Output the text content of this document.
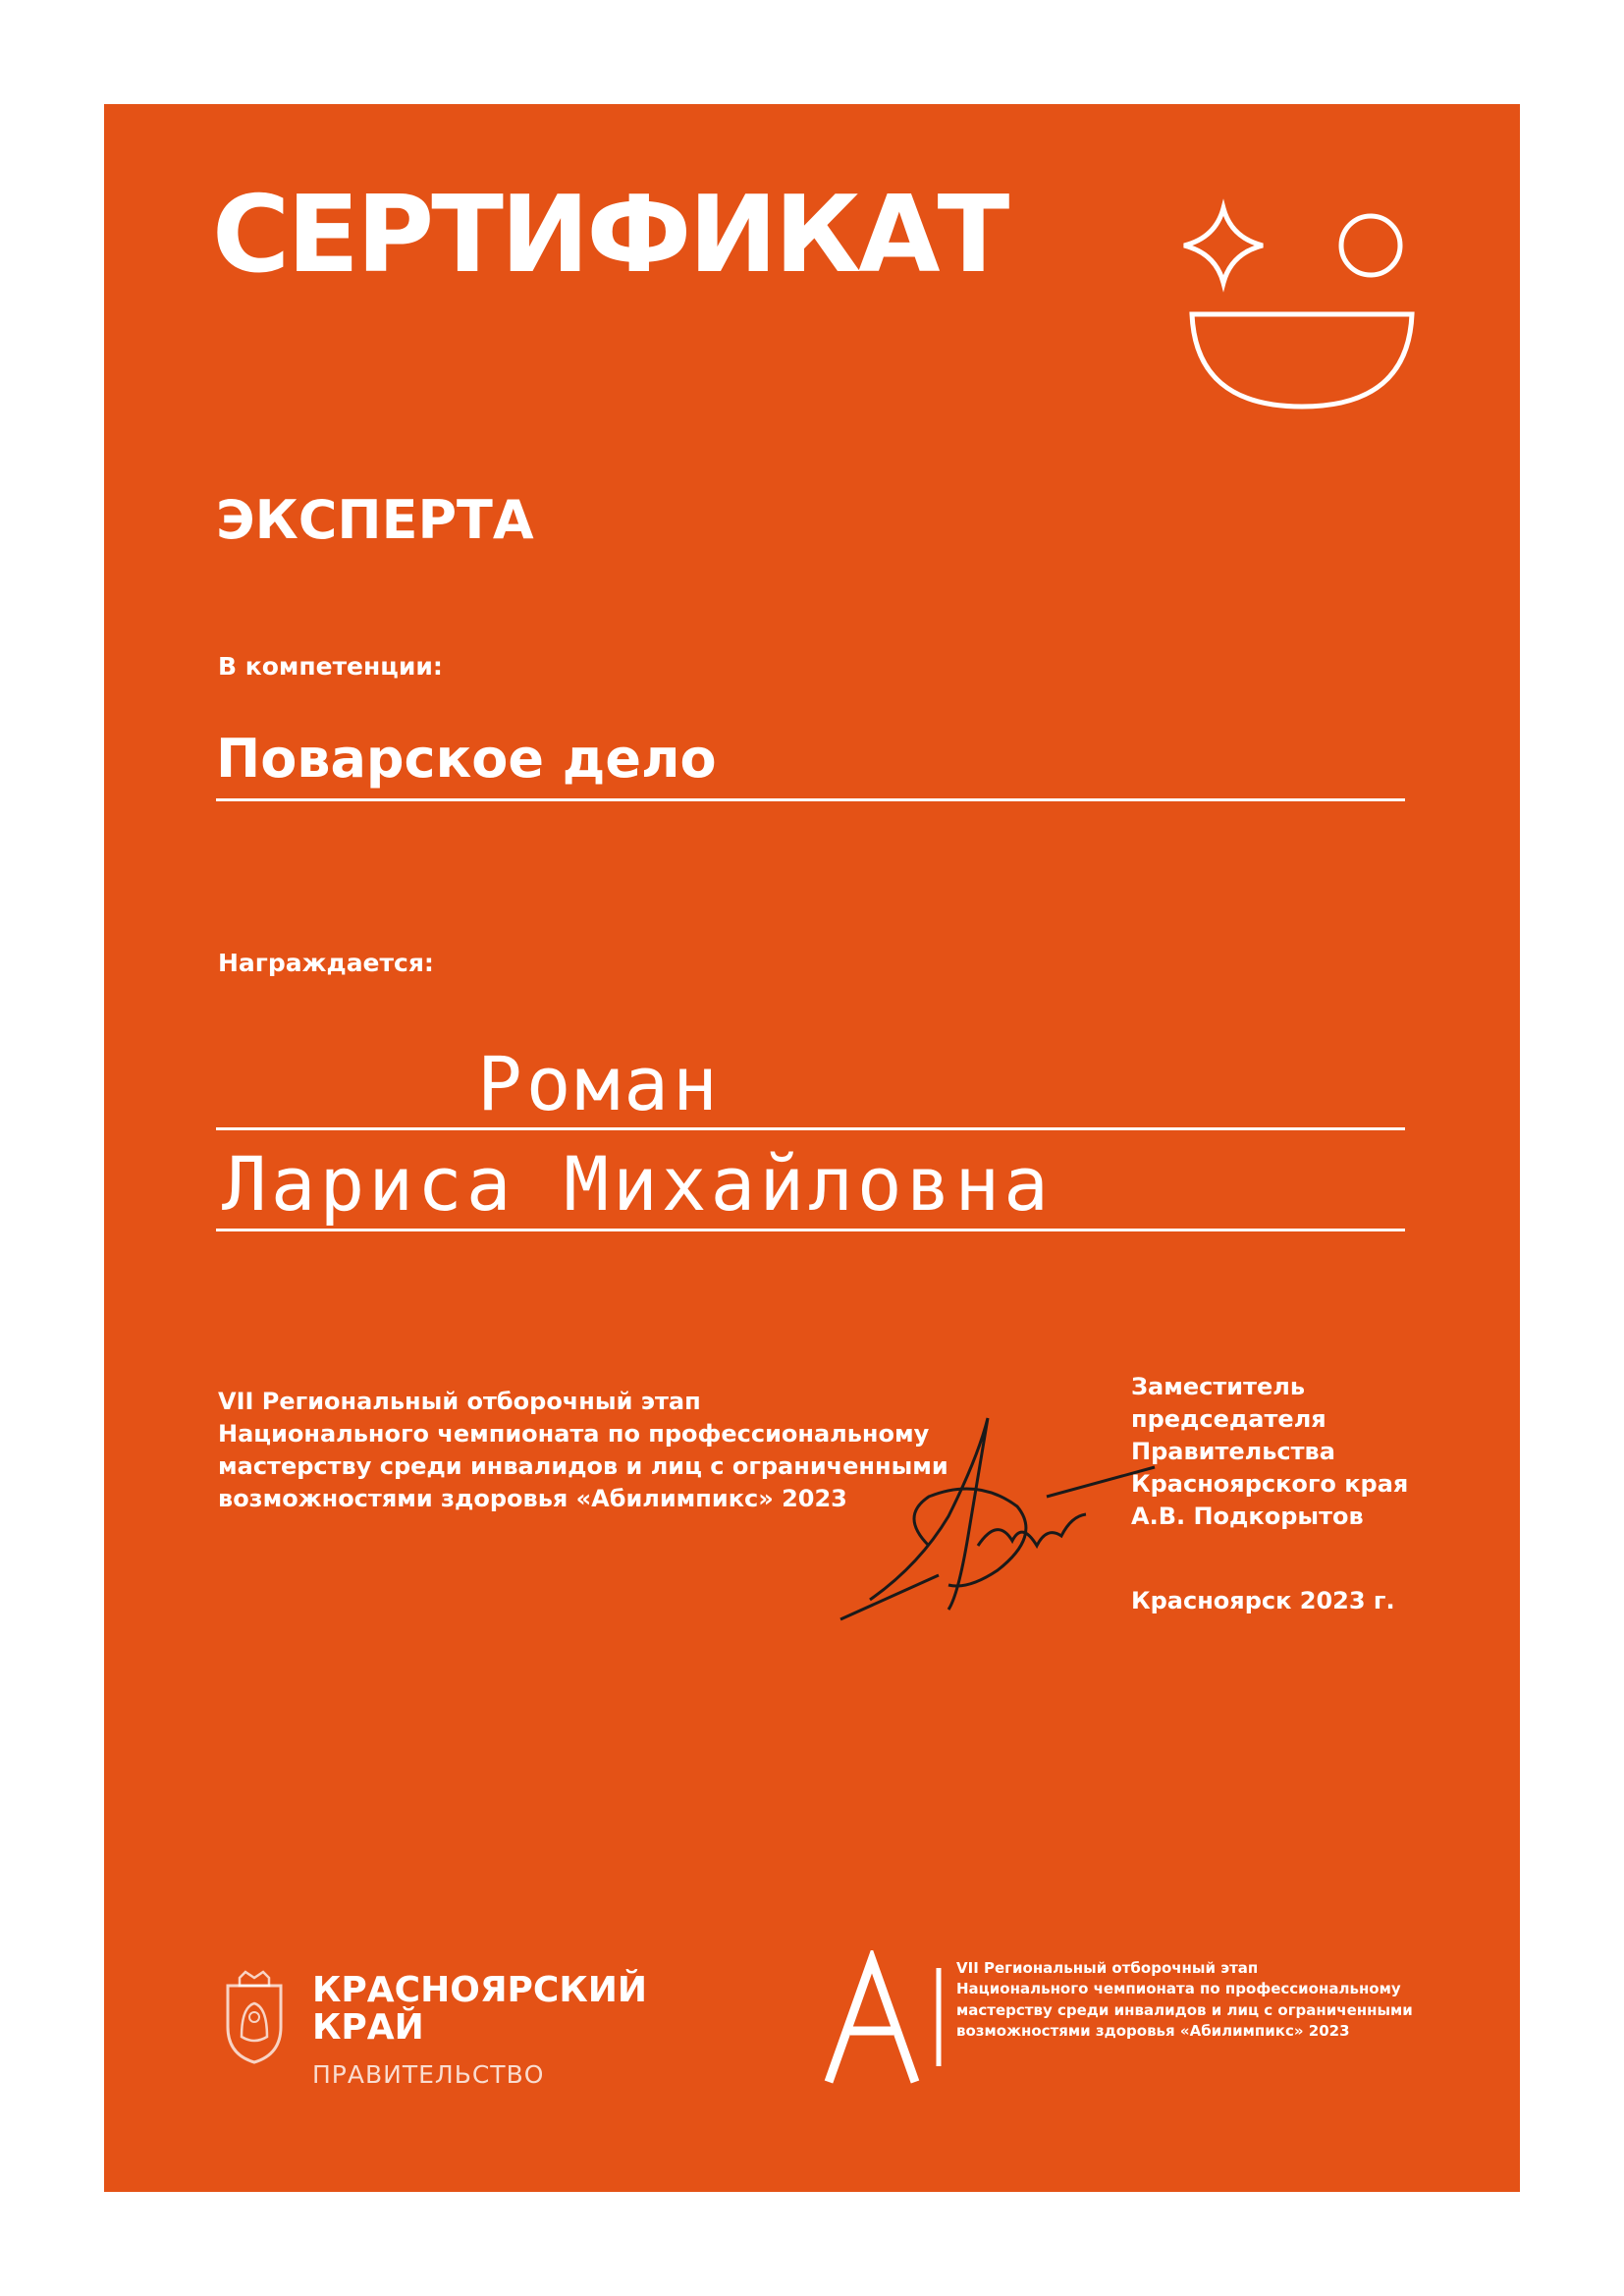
СЕРТИФИКАТ
ЭКСПЕРТА
В компетенции:
Поварское дело
Награждается:
Роман
Лариса Михайловна
VII Региональный отборочный этап
Национального чемпионата по профессиональному
мастерству среди инвалидов и лиц с ограниченными
возможностями здоровья «Абилимпикс» 2023
Заместитель
председателя
Правительства
Красноярского края
А.В. Подкорытов
Красноярск 2023 г.
КРАСНОЯРСКИЙ
КРАЙ
ПРАВИТЕЛЬСТВО
VII Региональный отборочный этап
Национального чемпионата по профессиональному
мастерству среди инвалидов и лиц с ограниченными
возможностями здоровья «Абилимпикс» 2023
